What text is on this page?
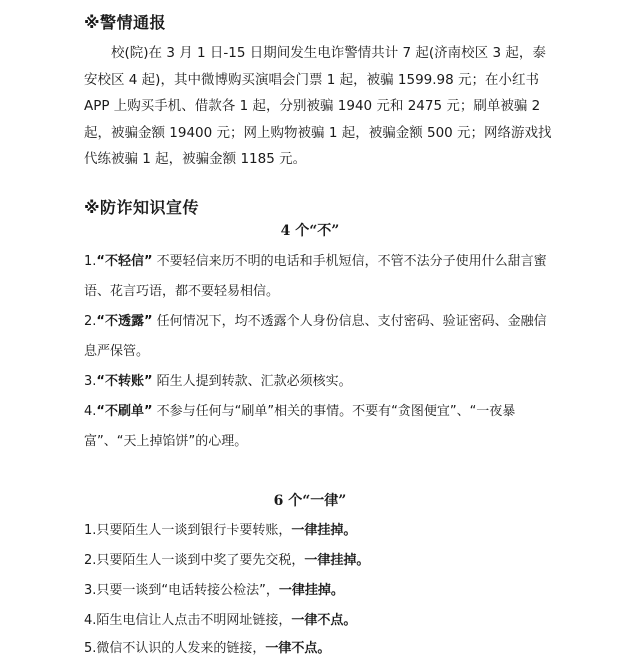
※警情通报

校(院)在 3 月 1 日-15 日期间发生电诈警情共计 7 起(济南校区 3 起，泰安校区 4 起)，其中微博购买演唱会门票 1 起，被骗 1599.98 元；在小红书 APP 上购买手机、借款各 1 起，分别被骗 1940 元和 2475 元；刷单被骗 2 起，被骗金额 19400 元；网上购物被骗 1 起，被骗金额 500 元；网络游戏找代练被骗 1 起，被骗金额 1185 元。

※防诈知识宣传
4 个“不”

1.“不轻信” 不要轻信来历不明的电话和手机短信，不管不法分子使用什么甜言蜜语、花言巧语，都不要轻易相信。

2.“不透露” 任何情况下，均不透露个人身份信息、支付密码、验证密码、金融信息严保管。

3.“不转账” 陌生人提到转款、汇款必须核实。

4.“不刷单” 不参与任何与“刷单”相关的事情。不要有“贪图便宜”、“一夜暴富”、“天上掉馅饼”的心理。

6 个“一律”

1.只要陌生人一谈到银行卡要转账，一律挂掉。

2.只要陌生人一谈到中奖了要先交税，一律挂掉。

3.只要一谈到“电话转接公检法”，一律挂掉。

4.陌生电信让人点击不明网址链接，一律不点。

5.微信不认识的人发来的链接，一律不点。
